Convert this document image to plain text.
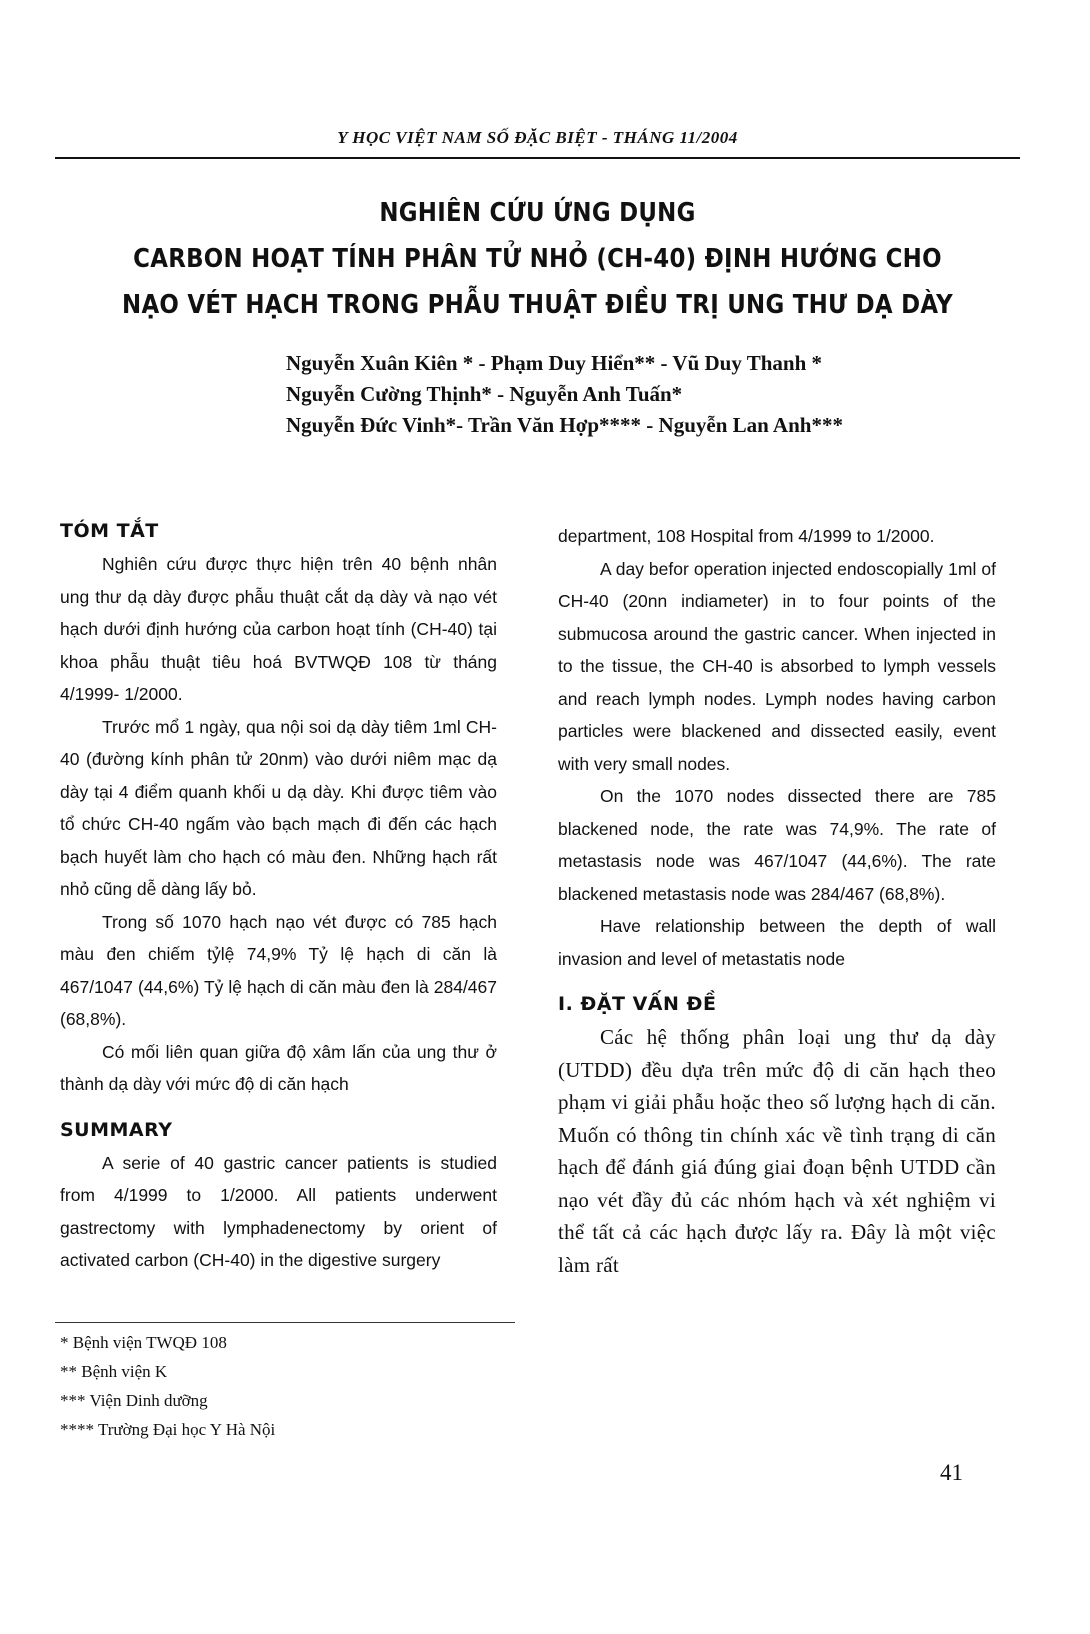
Y HỌC VIỆT NAM SỐ ĐẶC BIỆT - THÁNG 11/2004
NGHIÊN CỨU ỨNG DỤNG
CARBON HOẠT TÍNH PHÂN TỬ NHỎ (CH-40) ĐỊNH HƯỚNG CHO
NẠO VÉT HẠCH TRONG PHẪU THUẬT ĐIỀU TRỊ UNG THƯ DẠ DÀY
Nguyễn Xuân Kiên * - Phạm Duy Hiển** - Vũ Duy Thanh *
Nguyễn Cường Thịnh* - Nguyễn Anh Tuấn*
Nguyễn Đức Vinh*- Trần Văn Hợp**** - Nguyễn Lan Anh***
TÓM TẮT

Nghiên cứu được thực hiện trên 40 bệnh nhân ung thư dạ dày được phẫu thuật cắt dạ dày và nạo vét hạch dưới định hướng của carbon hoạt tính (CH-40) tại khoa phẫu thuật tiêu hoá BVTWQĐ 108 từ tháng 4/1999- 1/2000.

Trước mổ 1 ngày, qua nội soi dạ dày tiêm 1ml CH-40 (đường kính phân tử 20nm) vào dưới niêm mạc dạ dày tại 4 điểm quanh khối u dạ dày. Khi được tiêm vào tổ chức CH-40 ngấm vào bạch mạch đi đến các hạch bạch huyết làm cho hạch có màu đen. Những hạch rất nhỏ cũng dễ dàng lấy bỏ.

Trong số 1070 hạch nạo vét được có 785 hạch màu đen chiếm tỷlệ 74,9% Tỷ lệ hạch di căn là 467/1047 (44,6%) Tỷ lệ hạch di căn màu đen là 284/467 (68,8%).

Có mối liên quan giữa độ xâm lấn của ung thư ở thành dạ dày với mức độ di căn hạch

SUMMARY

A serie of 40 gastric cancer patients is studied from 4/1999 to 1/2000. All patients underwent gastrectomy with lymphadenectomy by orient of activated carbon (CH-40) in the digestive surgery

department, 108 Hospital from 4/1999 to 1/2000.

A day befor operation injected endoscopially 1ml of CH-40 (20nn indiameter) in to four points of the submucosa around the gastric cancer. When injected in to the tissue, the CH-40 is absorbed to lymph vessels and reach lymph nodes. Lymph nodes having carbon particles were blackened and dissected easily, event with very small nodes.

On the 1070 nodes dissected there are 785 blackened node, the rate was 74,9%. The rate of metastasis node was 467/1047 (44,6%). The rate blackened metastasis node was 284/467 (68,8%).

Have relationship between the depth of wall invasion and level of metastatis node

I. ĐẶT VẤN ĐỀ

Các hệ thống phân loại ung thư dạ dày (UTDD) đều dựa trên mức độ di căn hạch theo phạm vi giải phẫu hoặc theo số lượng hạch di căn. Muốn có thông tin chính xác về tình trạng di căn hạch để đánh giá đúng giai đoạn bệnh UTDD cần nạo vét đầy đủ các nhóm hạch và xét nghiệm vi thể tất cả các hạch được lấy ra. Đây là một việc làm rất

* Bệnh viện TWQĐ 108
** Bệnh viện K
*** Viện Dinh dưỡng
**** Trường Đại học Y Hà Nội
41
